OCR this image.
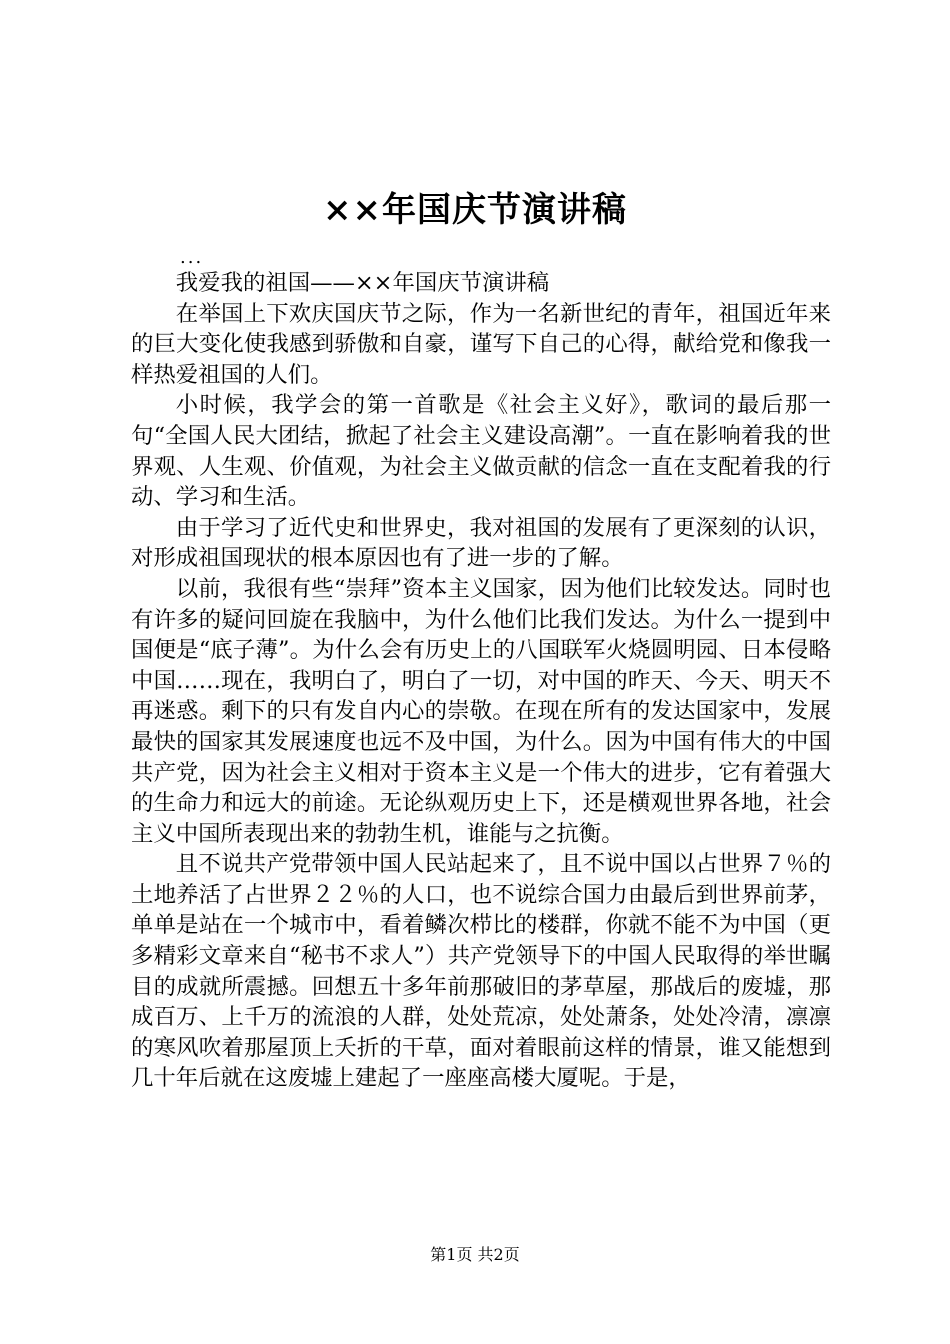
××年国庆节演讲稿
...

我爱我的祖国——××年国庆节演讲稿

在举国上下欢庆国庆节之际，作为一名新世纪的青年，祖国近年来的巨大变化使我感到骄傲和自豪，谨写下自己的心得，献给党和像我一样热爱祖国的人们。

小时候，我学会的第一首歌是《社会主义好》，歌词的最后那一句“全国人民大团结，掀起了社会主义建设高潮”。一直在影响着我的世界观、人生观、价值观，为社会主义做贡献的信念一直在支配着我的行动、学习和生活。

由于学习了近代史和世界史，我对祖国的发展有了更深刻的认识，对形成祖国现状的根本原因也有了进一步的了解。

以前，我很有些“崇拜”资本主义国家，因为他们比较发达。同时也有许多的疑问回旋在我脑中，为什么他们比我们发达。为什么一提到中国便是“底子薄”。为什么会有历史上的八国联军火烧圆明园、日本侵略中国……现在，我明白了，明白了一切，对中国的昨天、今天、明天不再迷惑。剩下的只有发自内心的崇敬。在现在所有的发达国家中，发展最快的国家其发展速度也远不及中国，为什么。因为中国有伟大的中国共产党，因为社会主义相对于资本主义是一个伟大的进步，它有着强大的生命力和远大的前途。无论纵观历史上下，还是横观世界各地，社会主义中国所表现出来的勃勃生机，谁能与之抗衡。

且不说共产党带领中国人民站起来了，且不说中国以占世界７％的土地养活了占世界２２％的人口，也不说综合国力由最后到世界前茅，单单是站在一个城市中，看着鳞次栉比的楼群，你就不能不为中国（更多精彩文章来自“秘书不求人”）共产党领导下的中国人民取得的举世瞩目的成就所震撼。回想五十多年前那破旧的茅草屋，那战后的废墟，那成百万、上千万的流浪的人群，处处荒凉，处处萧条，处处冷清，凛凛的寒风吹着那屋顶上夭折的干草，面对着眼前这样的情景，谁又能想到几十年后就在这废墟上建起了一座座高楼大厦呢。于是，

第1页 共2页
